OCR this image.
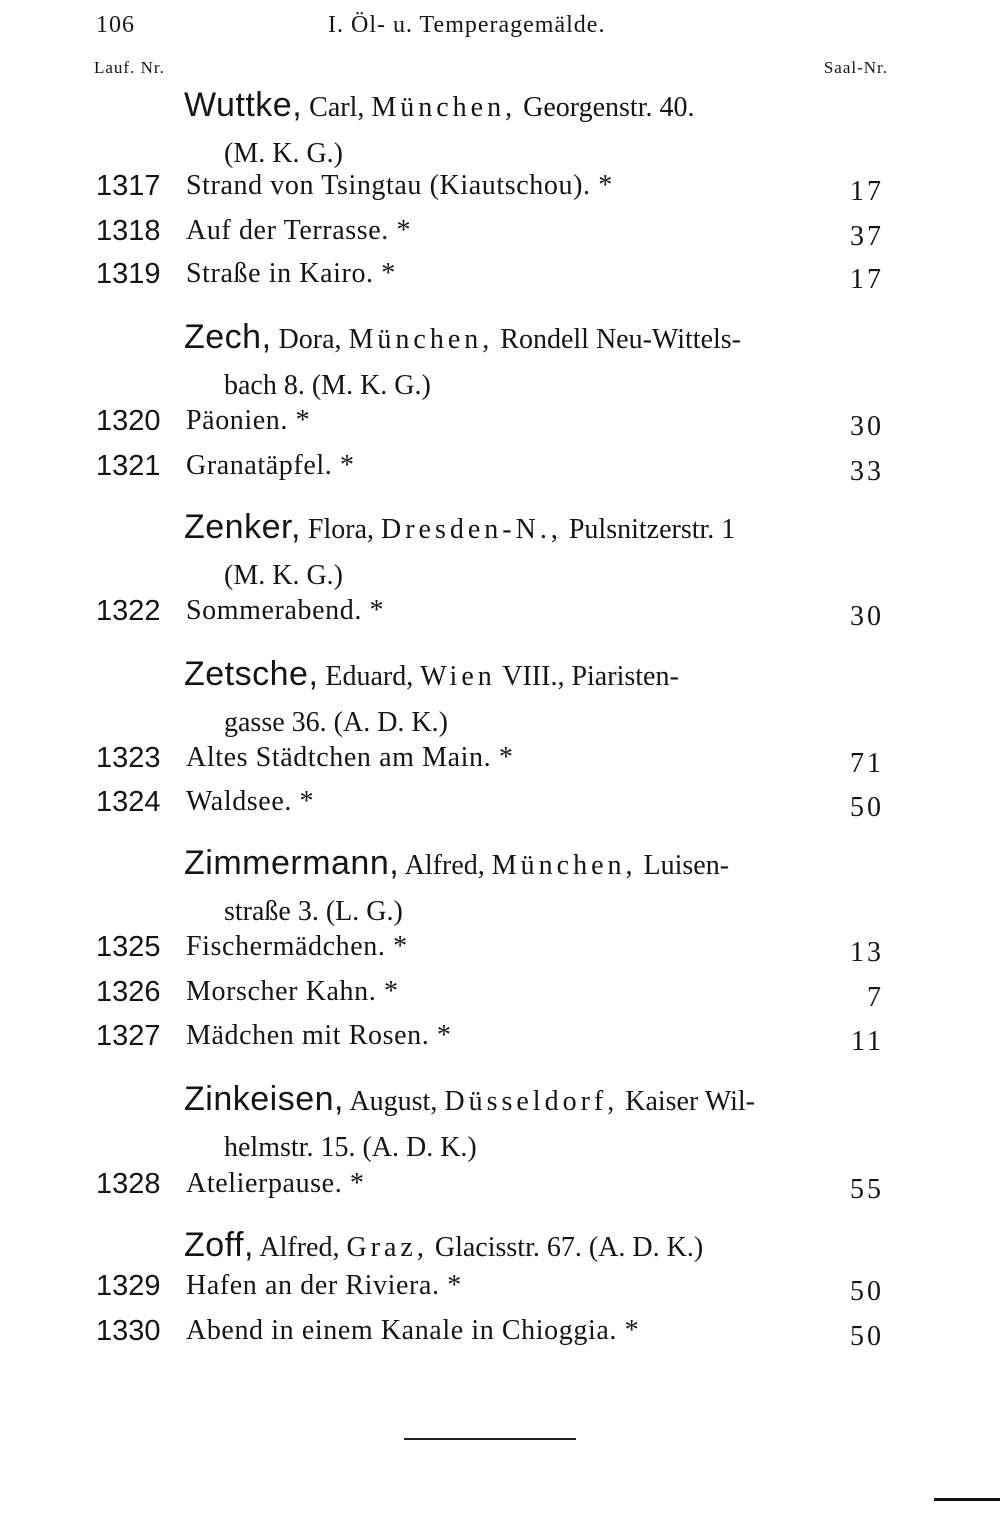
106	I. Öl- u. Temperagemälde.
Lauf. Nr.	Saal-Nr.
Wuttke, Carl, München, Georgenstr. 40.
(M. K. G.)
1317 Strand von Tsingtau (Kiautschou). *	17
1318 Auf der Terrasse. *	37
1319 Straße in Kairo. *	17
Zech, Dora, München, Rondell Neu-Wittels-
bach 8. (M. K. G.)
1320 Päonien. *	30
1321 Granatäpfel. *	33
Zenker, Flora, Dresden-N., Pulsnitzerstr. 1
(M. K. G.)
1322 Sommerabend. *	30
Zetsche, Eduard, Wien VIII., Piaristen-
gasse 36. (A. D. K.)
1323 Altes Städtchen am Main. *	71
1324 Waldsee. *	50
Zimmermann, Alfred, München, Luisen-
straße 3. (L. G.)
1325 Fischermädchen. *	13
1326 Morscher Kahn. *	7
1327 Mädchen mit Rosen. *	11
Zinkeisen, August, Düsseldorf, Kaiser Wil-
helmstr. 15. (A. D. K.)
1328 Atelierpause. *	55
Zoff, Alfred, Graz, Glacisstr. 67. (A. D. K.)
1329 Hafen an der Riviera. *	50
1330 Abend in einem Kanale in Chioggia. *	50
